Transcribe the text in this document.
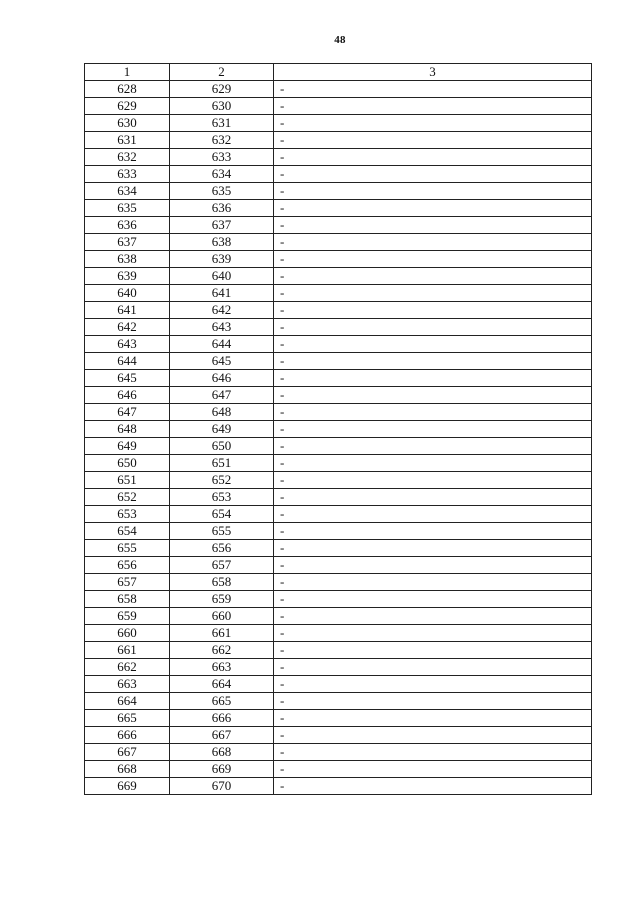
48
1	2	3
628	629	-
629	630	-
630	631	-
631	632	-
632	633	-
633	634	-
634	635	-
635	636	-
636	637	-
637	638	-
638	639	-
639	640	-
640	641	-
641	642	-
642	643	-
643	644	-
644	645	-
645	646	-
646	647	-
647	648	-
648	649	-
649	650	-
650	651	-
651	652	-
652	653	-
653	654	-
654	655	-
655	656	-
656	657	-
657	658	-
658	659	-
659	660	-
660	661	-
661	662	-
662	663	-
663	664	-
664	665	-
665	666	-
666	667	-
667	668	-
668	669	-
669	670	-
